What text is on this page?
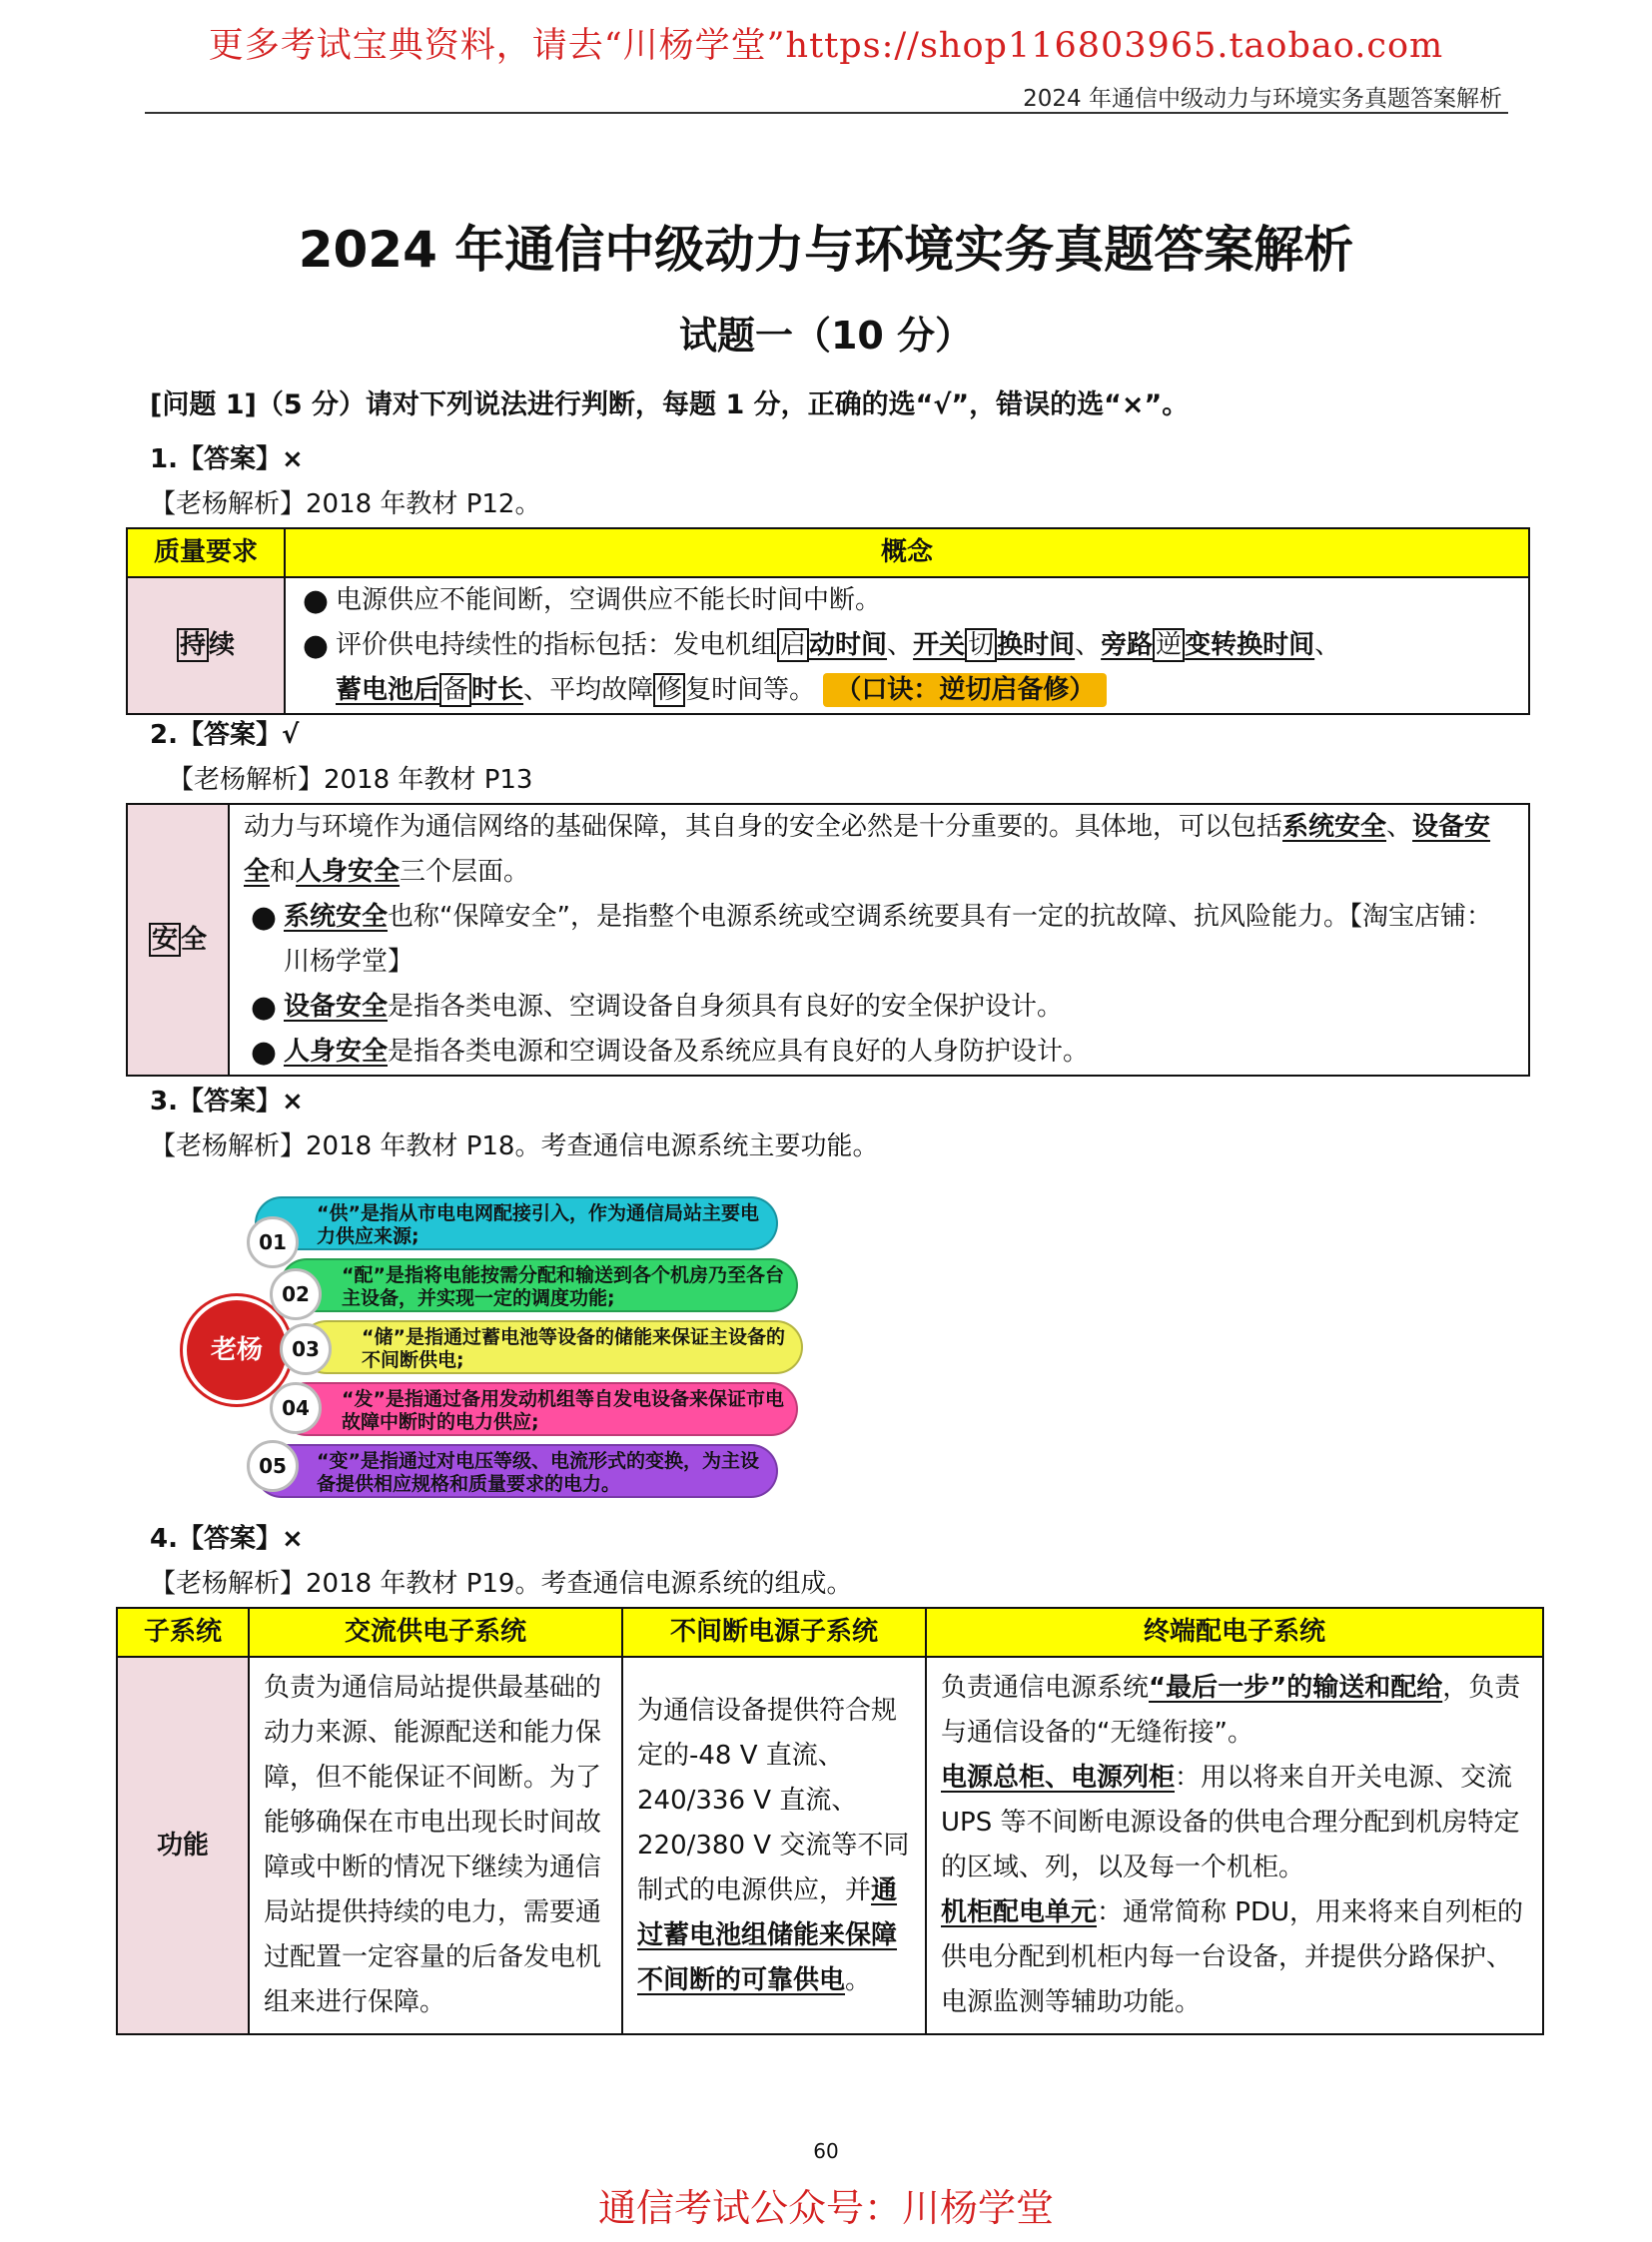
更多考试宝典资料，请去“川杨学堂”https://shop116803965.taobao.com
2024 年通信中级动力与环境实务真题答案解析
2024 年通信中级动力与环境实务真题答案解析
试题一（10 分）
[问题 1]（5 分）请对下列说法进行判断，每题 1 分，正确的选“√”，错误的选“×”。
1.【答案】×
【老杨解析】2018 年教材 P12。
质量要求	概念
持 续	● 电源供应不能间断，空调供应不能长时间中断。
● 评价供电持续性的指标包括：发电机组 启 动时间、开关 切 换时间、旁路 逆 变转换时间、
蓄电池后 备 时长、平均故障 修 复时间等。 （口诀：逆切启备修）
2.【答案】√
【老杨解析】2018 年教材 P13
安 全	
动力与环境作为通信网络的基础保障，其自身的安全必然是十分重要的。具体地，可以包括系统安全、设备安全和人身安全三个层面。
● 系统安全也称“保障安全”，是指整个电源系统或空调系统要具有一定的抗故障、抗风险能力。【淘宝店铺：川杨学堂】
● 设备安全是指各类电源、空调设备自身须具有良好的安全保护设计。
● 人身安全是指各类电源和空调设备及系统应具有良好的人身防护设计。
3.【答案】×
【老杨解析】2018 年教材 P18。考查通信电源系统主要功能。
老杨
“供”是指从市电电网配接引入，作为通信局站主要电力供应来源;
01
“配”是指将电能按需分配和输送到各个机房乃至各台主设备，并实现一定的调度功能;
02
“储”是指通过蓄电池等设备的储能来保证主设备的不间断供电;
03
“发”是指通过备用发动机组等自发电设备来保证市电故障中断时的电力供应;
04
“变”是指通过对电压等级、电流形式的变换，为主设备提供相应规格和质量要求的电力。
05
4.【答案】×
【老杨解析】2018 年教材 P19。考查通信电源系统的组成。
子系统	交流供电子系统	不间断电源子系统	终端配电子系统
功能	负责为通信局站提供最基础的动力来源、能源配送和能力保障，但不能保证不间断。为了能够确保在市电出现长时间故障或中断的情况下继续为通信局站提供持续的电力，需要通过配置一定容量的后备发电机组来进行保障。	为通信设备提供符合规定的-48 V 直流、240/336 V 直流、220/380 V 交流等不同制式的电源供应，并通过蓄电池组储能来保障不间断的可靠供电。	负责通信电源系统“最后一步”的输送和配给，负责与通信设备的“无缝衔接”。
电源总柜、电源列柜：用以将来自开关电源、交流 UPS 等不间断电源设备的供电合理分配到机房特定的区域、列，以及每一个机柜。
机柜配电单元：通常简称 PDU，用来将来自列柜的供电分配到机柜内每一台设备，并提供分路保护、电源监测等辅助功能。
60
通信考试公众号：川杨学堂
